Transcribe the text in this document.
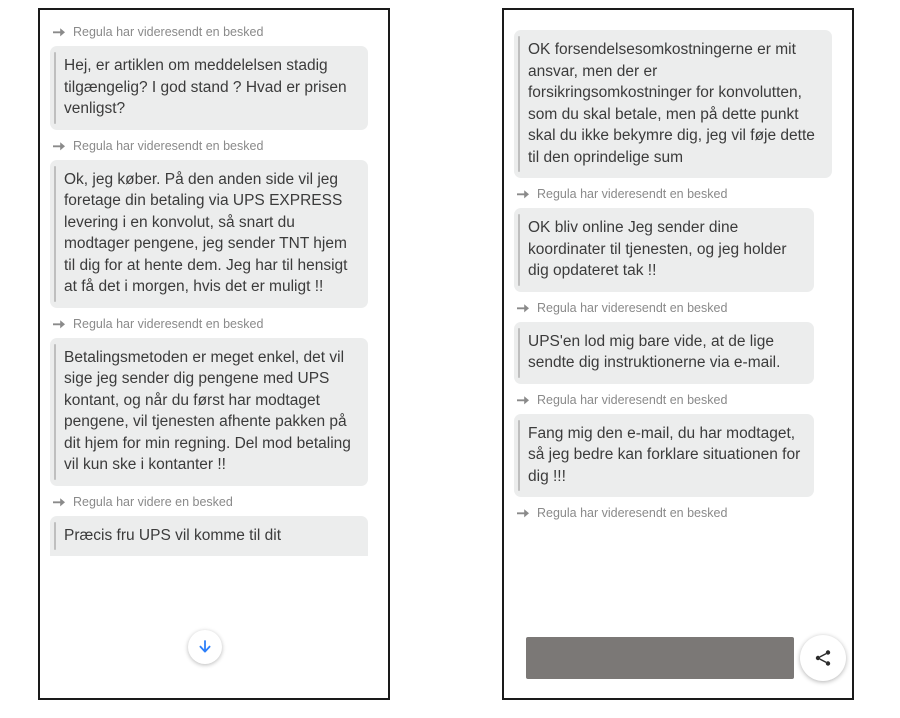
Regula har videresendt en besked
Hej, er artiklen om meddelelsen stadig tilgængelig? I god stand ? Hvad er prisen venligst?
Regula har videresendt en besked
Ok, jeg køber. På den anden side vil jeg foretage din betaling via UPS EXPRESS levering i en konvolut, så snart du modtager pengene, jeg sender TNT hjem til dig for at hente dem. Jeg har til hensigt at få det i morgen, hvis det er muligt !!
Regula har videresendt en besked
Betalingsmetoden er meget enkel, det vil sige jeg sender dig pengene med UPS kontant, og når du først har modtaget pengene, vil tjenesten afhente pakken på dit hjem for min regning. Del mod betaling vil kun ske i kontanter !!
Regula har videre en besked
Præcis fru UPS vil komme til dit
OK forsendelsesomkostningerne er mit ansvar, men der er forsikringsomkostninger for konvolutten, som du skal betale, men på dette punkt skal du ikke bekymre dig, jeg vil føje dette til den oprindelige sum
Regula har videresendt en besked
OK bliv online Jeg sender dine koordinater til tjenesten, og jeg holder dig opdateret tak !!
Regula har videresendt en besked
UPS'en lod mig bare vide, at de lige sendte dig instruktionerne via e-mail.
Regula har videresendt en besked
Fang mig den e-mail, du har modtaget, så jeg bedre kan forklare situationen for dig !!!
Regula har videresendt en besked
